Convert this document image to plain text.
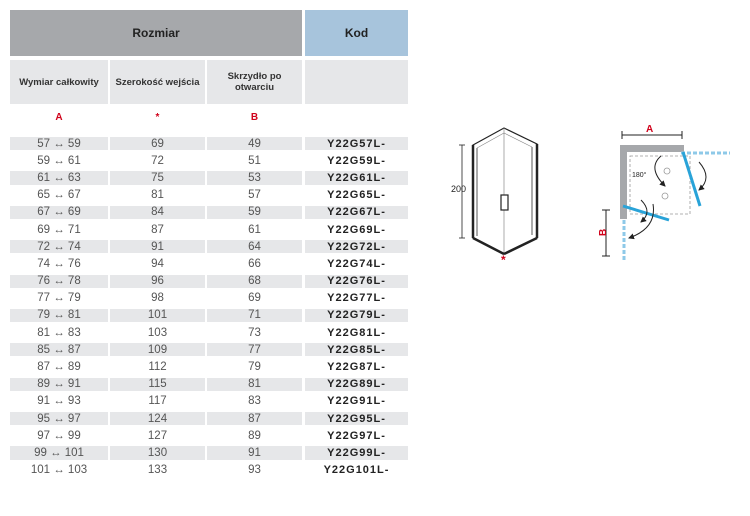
Rozmiar	Kod
Wymiar całkowity	Szerokość wejścia	Skrzydło po otwarciu
A	*	B
57 ↔ 59	69	49	Y22G57L-
59 ↔ 61	72	51	Y22G59L-
61 ↔ 63	75	53	Y22G61L-
65 ↔ 67	81	57	Y22G65L-
67 ↔ 69	84	59	Y22G67L-
69 ↔ 71	87	61	Y22G69L-
72 ↔ 74	91	64	Y22G72L-
74 ↔ 76	94	66	Y22G74L-
76 ↔ 78	96	68	Y22G76L-
77 ↔ 79	98	69	Y22G77L-
79 ↔ 81	101	71	Y22G79L-
81 ↔ 83	103	73	Y22G81L-
85 ↔ 87	109	77	Y22G85L-
87 ↔ 89	112	79	Y22G87L-
89 ↔ 91	115	81	Y22G89L-
91 ↔ 93	117	83	Y22G91L-
95 ↔ 97	124	87	Y22G95L-
97 ↔ 99	127	89	Y22G97L-
99 ↔ 101	130	91	Y22G99L-
101 ↔ 103	133	93	Y22G101L-
200
*
A
180°
B
